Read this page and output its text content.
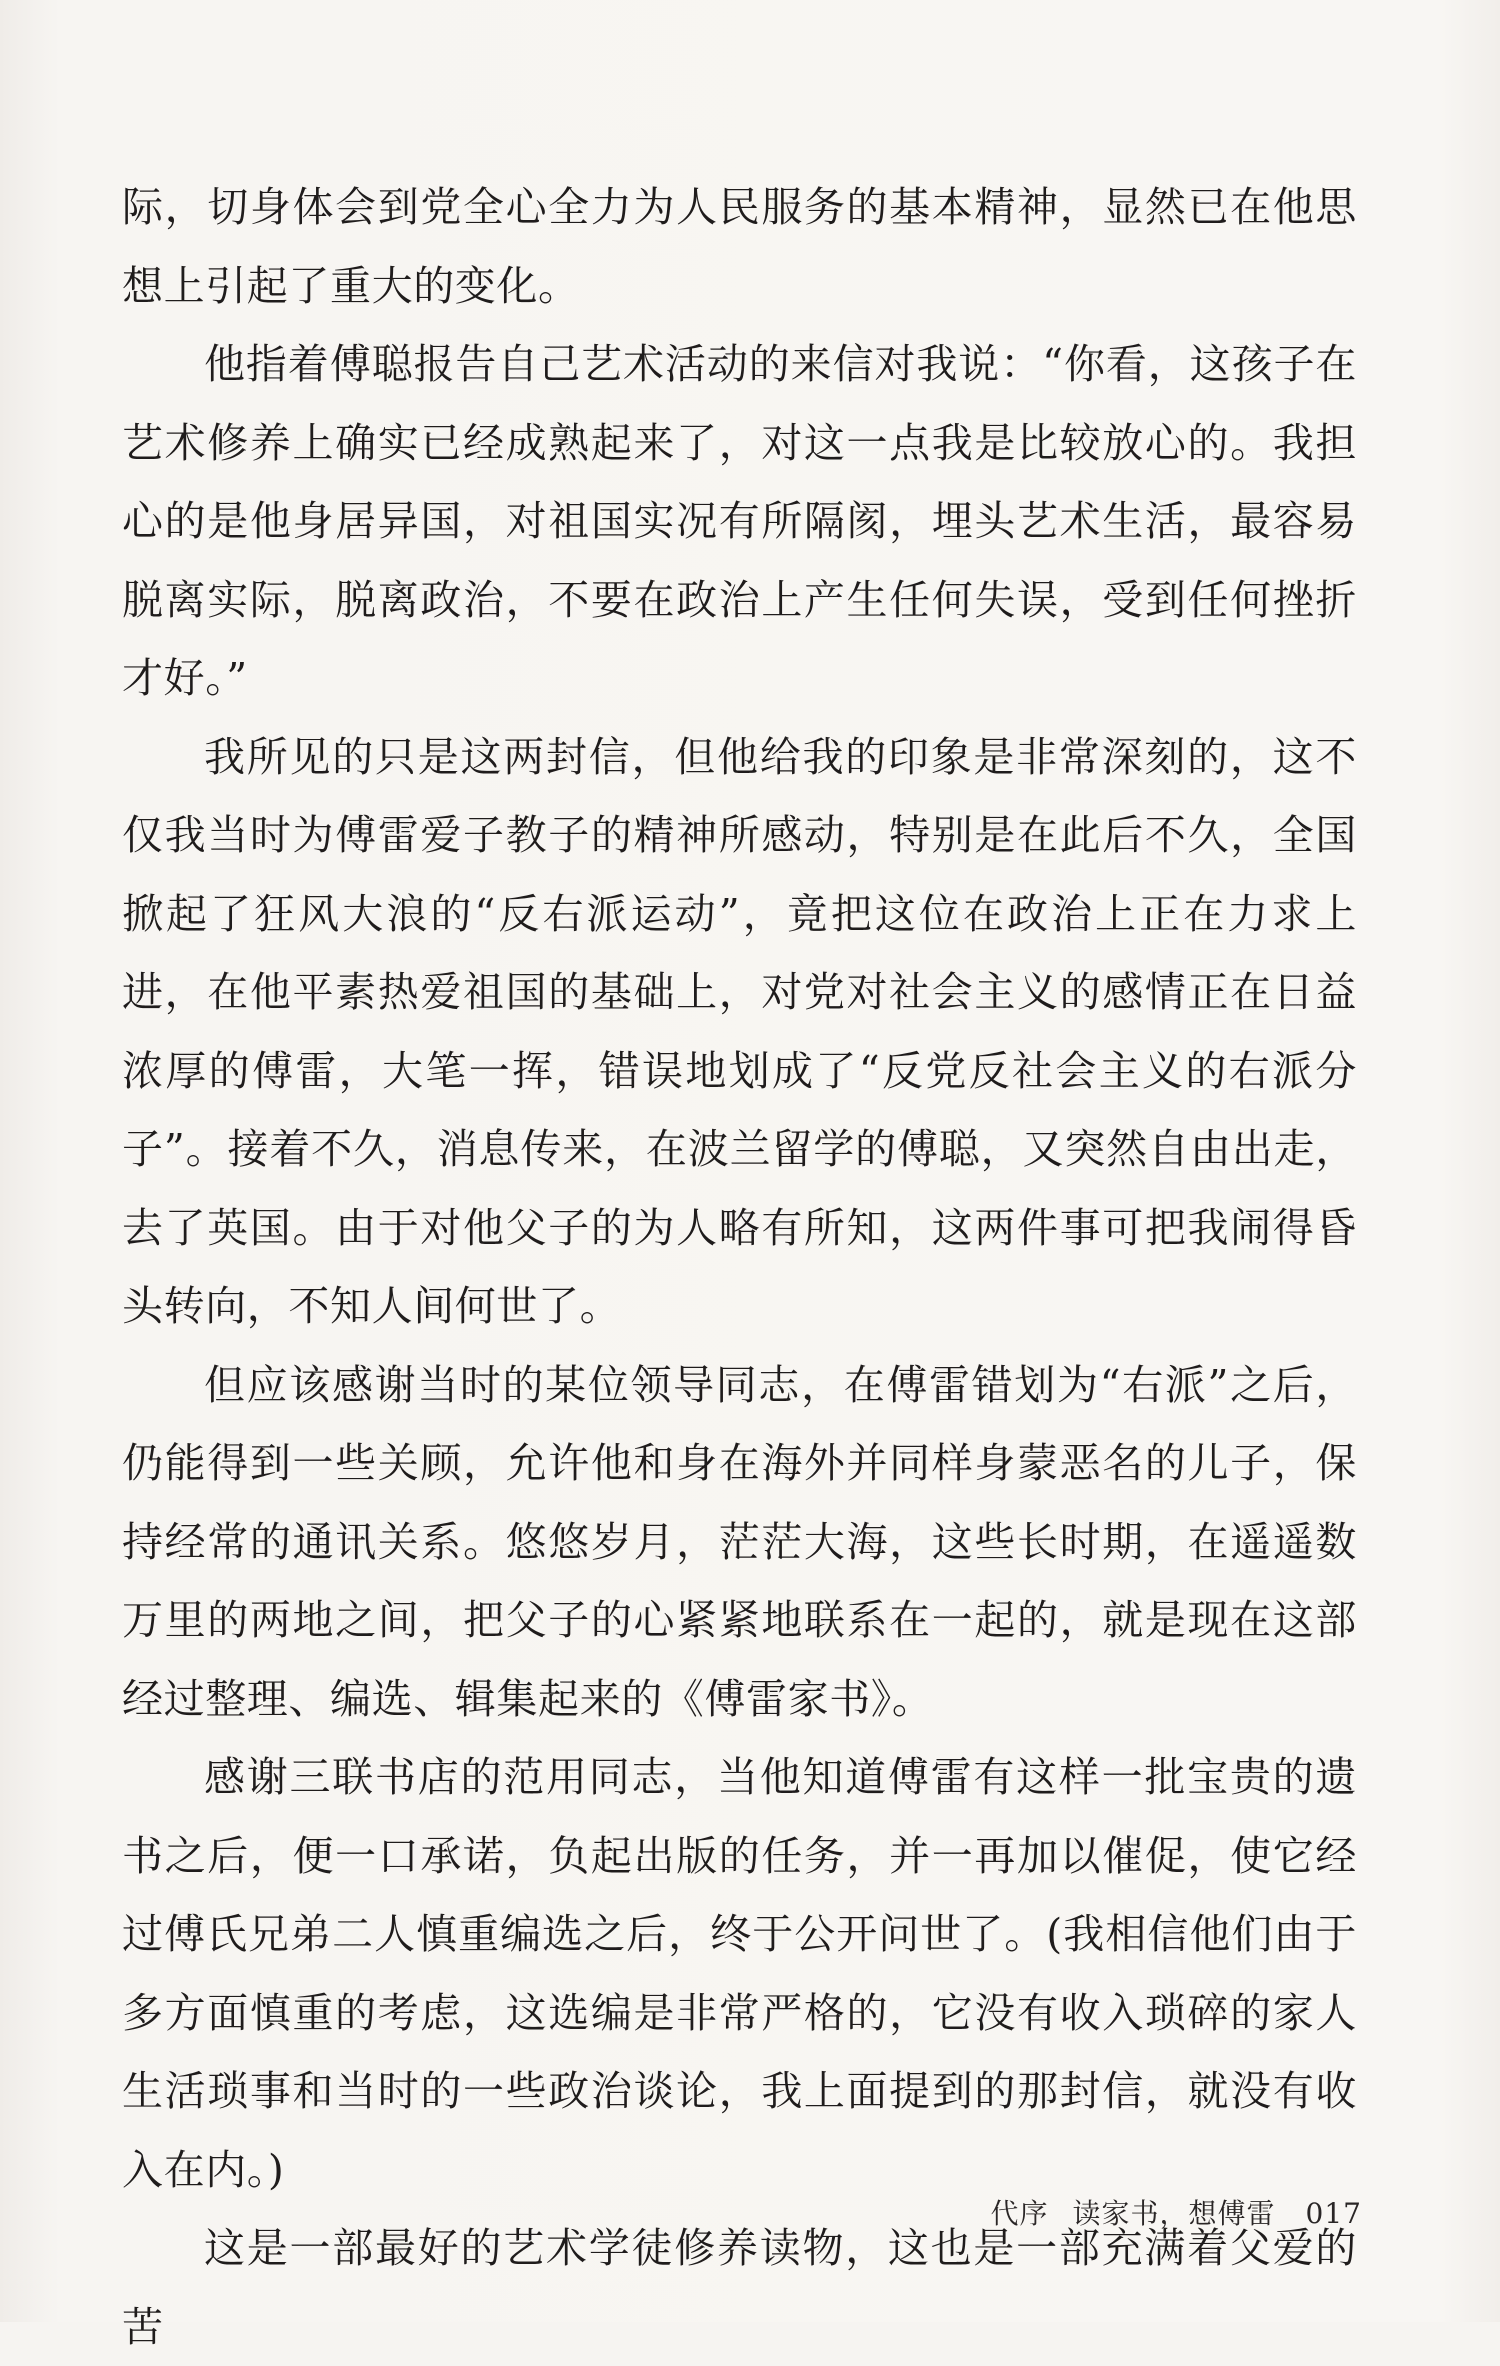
际，切身体会到党全心全力为人民服务的基本精神，显然已在他思想上引起了重大的变化。

他指着傅聪报告自己艺术活动的来信对我说：“你看，这孩子在艺术修养上确实已经成熟起来了，对这一点我是比较放心的。我担心的是他身居异国，对祖国实况有所隔阂，埋头艺术生活，最容易脱离实际，脱离政治，不要在政治上产生任何失误，受到任何挫折才好。”

我所见的只是这两封信，但他给我的印象是非常深刻的，这不仅我当时为傅雷爱子教子的精神所感动，特别是在此后不久，全国掀起了狂风大浪的“反右派运动”，竟把这位在政治上正在力求上进，在他平素热爱祖国的基础上，对党对社会主义的感情正在日益浓厚的傅雷，大笔一挥，错误地划成了“反党反社会主义的右派分子”。接着不久，消息传来，在波兰留学的傅聪，又突然自由出走，去了英国。由于对他父子的为人略有所知，这两件事可把我闹得昏头转向，不知人间何世了。

但应该感谢当时的某位领导同志，在傅雷错划为“右派”之后，仍能得到一些关顾，允许他和身在海外并同样身蒙恶名的儿子，保持经常的通讯关系。悠悠岁月，茫茫大海，这些长时期，在遥遥数万里的两地之间，把父子的心紧紧地联系在一起的，就是现在这部经过整理、编选、辑集起来的《傅雷家书》。

感谢三联书店的范用同志，当他知道傅雷有这样一批宝贵的遗书之后，便一口承诺，负起出版的任务，并一再加以催促，使它经过傅氏兄弟二人慎重编选之后，终于公开问世了。(我相信他们由于多方面慎重的考虑，这选编是非常严格的，它没有收入琐碎的家人生活琐事和当时的一些政治谈论，我上面提到的那封信，就没有收入在内。)

这是一部最好的艺术学徒修养读物，这也是一部充满着父爱的苦

代序 读家书，想傅雷 017
